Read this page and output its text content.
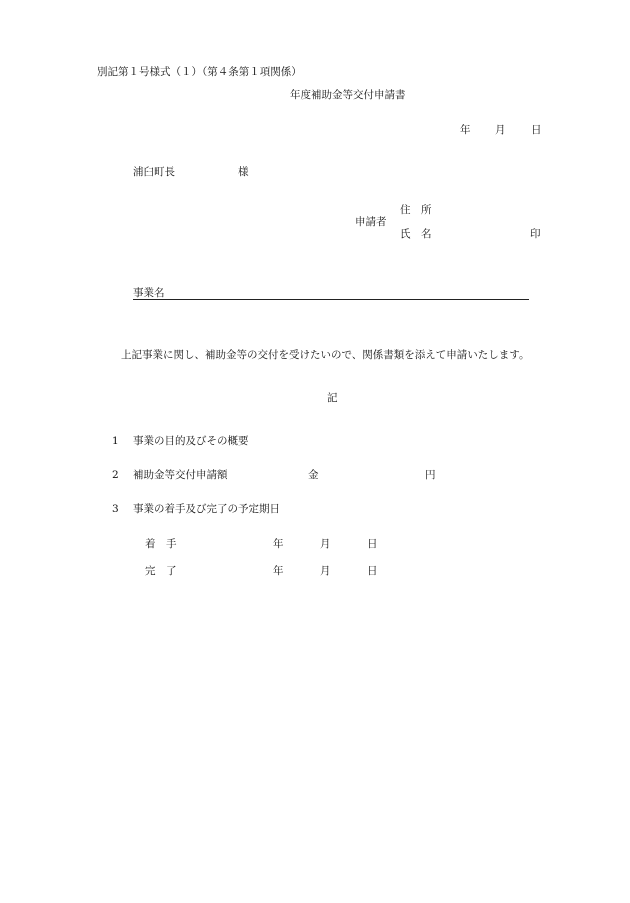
別記第１号様式（１）（第４条第１項関係）
年度補助金等交付申請書
年 月 日
浦臼町長	様
住　所
申請者
氏　名	印
事業名
上記事業に関し、補助金等の交付を受けたいので、関係書類を添えて申請いたします。
記
1 事業の目的及びその概要
2 補助金等交付申請額	金	円
3 事業の着手及び完了の予定期日
着　手	年	月	日
完　了	年	月	日
